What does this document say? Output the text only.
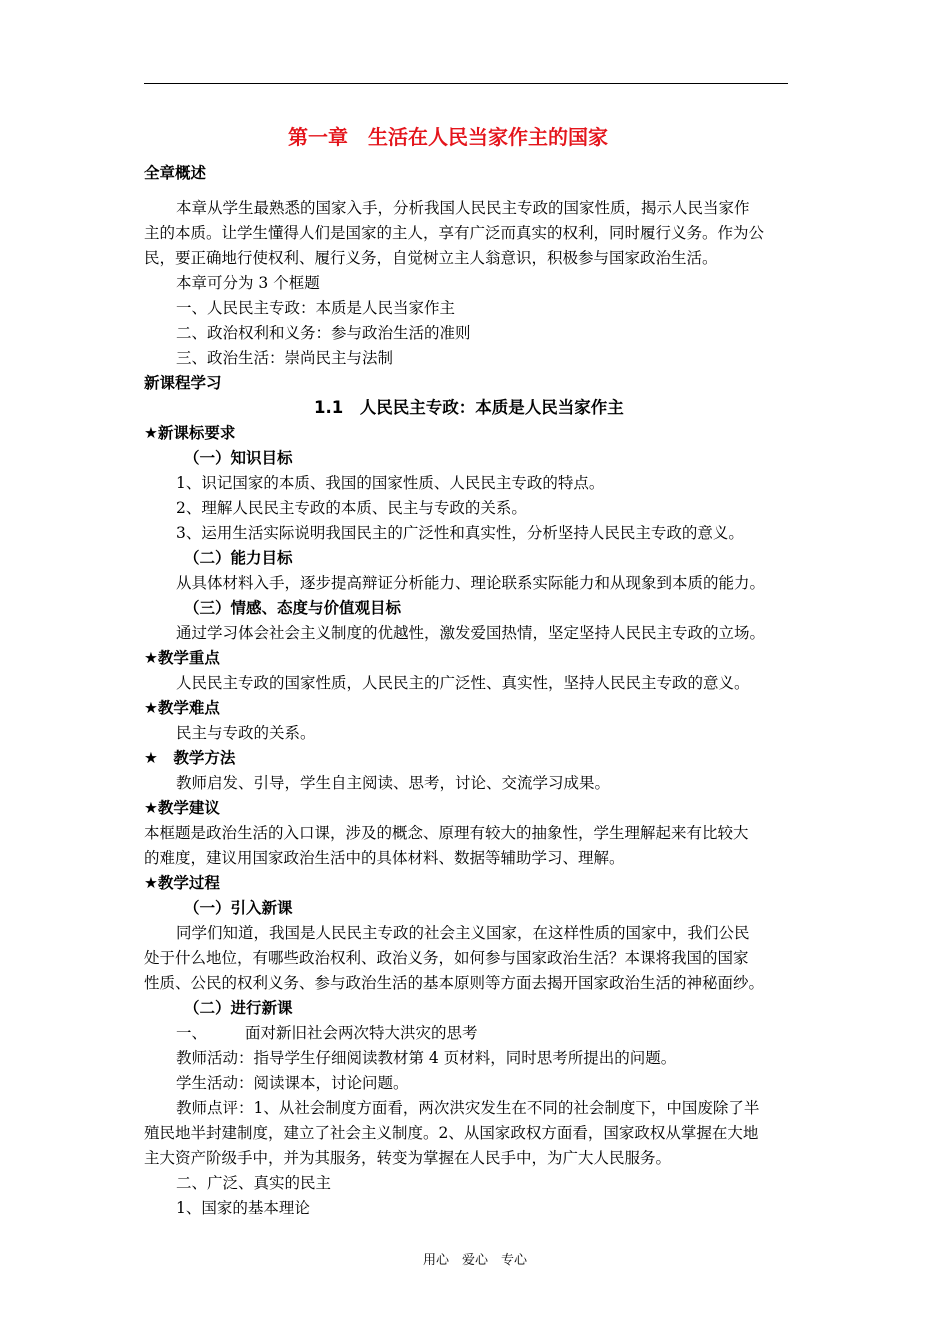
第一章　生活在人民当家作主的国家
全章概述
本章从学生最熟悉的国家入手，分析我国人民民主专政的国家性质，揭示人民当家作
主的本质。让学生懂得人们是国家的主人，享有广泛而真实的权利，同时履行义务。作为公
民，要正确地行使权利、履行义务，自觉树立主人翁意识，积极参与国家政治生活。
本章可分为 3 个框题
一、人民民主专政：本质是人民当家作主
二、政治权利和义务：参与政治生活的准则
三、政治生活：崇尚民主与法制
新课程学习
1.1　人民民主专政：本质是人民当家作主
★新课标要求
（一）知识目标
1、识记国家的本质、我国的国家性质、人民民主专政的特点。
2、理解人民民主专政的本质、民主与专政的关系。
3、运用生活实际说明我国民主的广泛性和真实性，分析坚持人民民主专政的意义。
（二）能力目标
从具体材料入手，逐步提高辩证分析能力、理论联系实际能力和从现象到本质的能力。
（三）情感、态度与价值观目标
通过学习体会社会主义制度的优越性，激发爱国热情，坚定坚持人民民主专政的立场。
★教学重点
人民民主专政的国家性质，人民民主的广泛性、真实性，坚持人民民主专政的意义。
★教学难点
民主与专政的关系。
★　教学方法
教师启发、引导，学生自主阅读、思考，讨论、交流学习成果。
★教学建议
本框题是政治生活的入口课，涉及的概念、原理有较大的抽象性，学生理解起来有比较大
的难度，建议用国家政治生活中的具体材料、数据等辅助学习、理解。
★教学过程
（一）引入新课
同学们知道，我国是人民民主专政的社会主义国家，在这样性质的国家中，我们公民
处于什么地位，有哪些政治权利、政治义务，如何参与国家政治生活？本课将我国的国家
性质、公民的权利义务、参与政治生活的基本原则等方面去揭开国家政治生活的神秘面纱。
（二）进行新课
一、 面对新旧社会两次特大洪灾的思考
教师活动：指导学生仔细阅读教材第 4 页材料，同时思考所提出的问题。
学生活动：阅读课本，讨论问题。
教师点评：1、从社会制度方面看，两次洪灾发生在不同的社会制度下，中国废除了半
殖民地半封建制度，建立了社会主义制度。2、从国家政权方面看，国家政权从掌握在大地
主大资产阶级手中，并为其服务，转变为掌握在人民手中，为广大人民服务。
二、广泛、真实的民主
1、国家的基本理论
用心　爱心　专心
